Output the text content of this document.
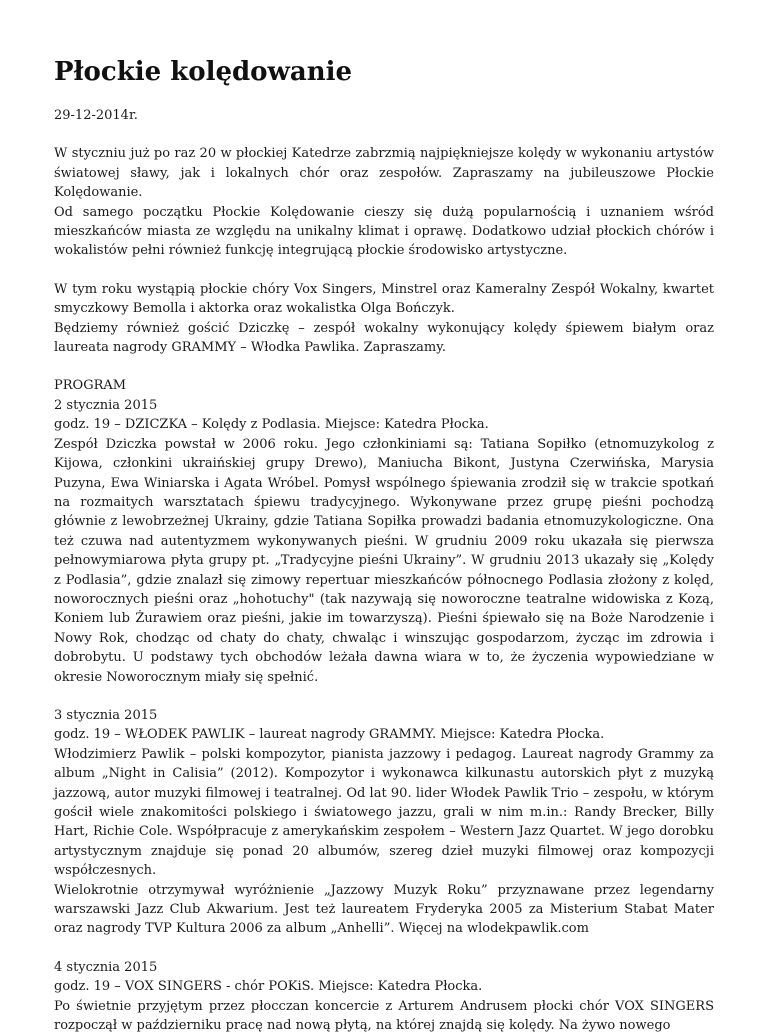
Płockie kolędowanie
29-12-2014r.

W styczniu już po raz 20 w płockiej Katedrze zabrzmią najpiękniejsze kolędy w wykonaniu artystów światowej sławy, jak i lokalnych chór oraz zespołów. Zapraszamy na jubileuszowe Płockie Kolędowanie.

Od samego początku Płockie Kolędowanie cieszy się dużą popularnością i uznaniem wśród mieszkańców miasta ze względu na unikalny klimat i oprawę. Dodatkowo udział płockich chórów i wokalistów pełni również funkcję integrującą płockie środowisko artystyczne.

W tym roku wystąpią płockie chóry Vox Singers, Minstrel oraz Kameralny Zespół Wokalny, kwartet smyczkowy Bemolla i aktorka oraz wokalistka Olga Bończyk.

Będziemy również gościć Dziczkę – zespół wokalny wykonujący kolędy śpiewem białym oraz laureata nagrody GRAMMY – Włodka Pawlika. Zapraszamy.

PROGRAM

2 stycznia 2015

godz. 19 – DZICZKA – Kolędy z Podlasia. Miejsce: Katedra Płocka.

Zespół Dziczka powstał w 2006 roku. Jego członkiniami są: Tatiana Sopiłko (etnomuzykolog z Kijowa, członkini ukraińskiej grupy Drewo), Maniucha Bikont, Justyna Czerwińska, Marysia Puzyna, Ewa Winiarska i Agata Wróbel. Pomysł wspólnego śpiewania zrodził się w trakcie spotkań na rozmaitych warsztatach śpiewu tradycyjnego. Wykonywane przez grupę pieśni pochodzą głównie z lewobrzeżnej Ukrainy, gdzie Tatiana Sopiłka prowadzi badania etnomuzykologiczne. Ona też czuwa nad autentyzmem wykonywanych pieśni. W grudniu 2009 roku ukazała się pierwsza pełnowymiarowa płyta grupy pt. „Tradycyjne pieśni Ukrainy”. W grudniu 2013 ukazały się „Kolędy z Podlasia”, gdzie znalazł się zimowy repertuar mieszkańców północnego Podlasia złożony z kolęd, noworocznych pieśni oraz „hohotuchy" (tak nazywają się noworoczne teatralne widowiska z Kozą, Koniem lub Żurawiem oraz pieśni, jakie im towarzyszą). Pieśni śpiewało się na Boże Narodzenie i Nowy Rok, chodząc od chaty do chaty, chwaląc i winszując gospodarzom, życząc im zdrowia i dobrobytu. U podstawy tych obchodów leżała dawna wiara w to, że życzenia wypowiedziane w okresie Noworocznym miały się spełnić.

3 stycznia 2015

godz. 19 – WŁODEK PAWLIK – laureat nagrody GRAMMY. Miejsce: Katedra Płocka.

Włodzimierz Pawlik – polski kompozytor, pianista jazzowy i pedagog. Laureat nagrody Grammy za album „Night in Calisia” (2012). Kompozytor i wykonawca kilkunastu autorskich płyt z muzyką jazzową, autor muzyki filmowej i teatralnej. Od lat 90. lider Włodek Pawlik Trio – zespołu, w którym gościł wiele znakomitości polskiego i światowego jazzu, grali w nim m.in.: Randy Brecker, Billy Hart, Richie Cole. Współpracuje z amerykańskim zespołem – Western Jazz Quartet. W jego dorobku artystycznym znajduje się ponad 20 albumów, szereg dzieł muzyki filmowej oraz kompozycji współczesnych.

Wielokrotnie otrzymywał wyróżnienie „Jazzowy Muzyk Roku” przyznawane przez legendarny warszawski Jazz Club Akwarium. Jest też laureatem Fryderyka 2005 za Misterium Stabat Mater oraz nagrody TVP Kultura 2006 za album „Anhelli”. Więcej na wlodekpawlik.com

4 stycznia 2015

godz. 19 – VOX SINGERS - chór POKiS. Miejsce: Katedra Płocka.

Po świetnie przyjętym przez płocczan koncercie z Arturem Andrusem płocki chór VOX SINGERS rozpoczął w październiku pracę nad nową płytą, na której znajdą się kolędy. Na żywo nowego
